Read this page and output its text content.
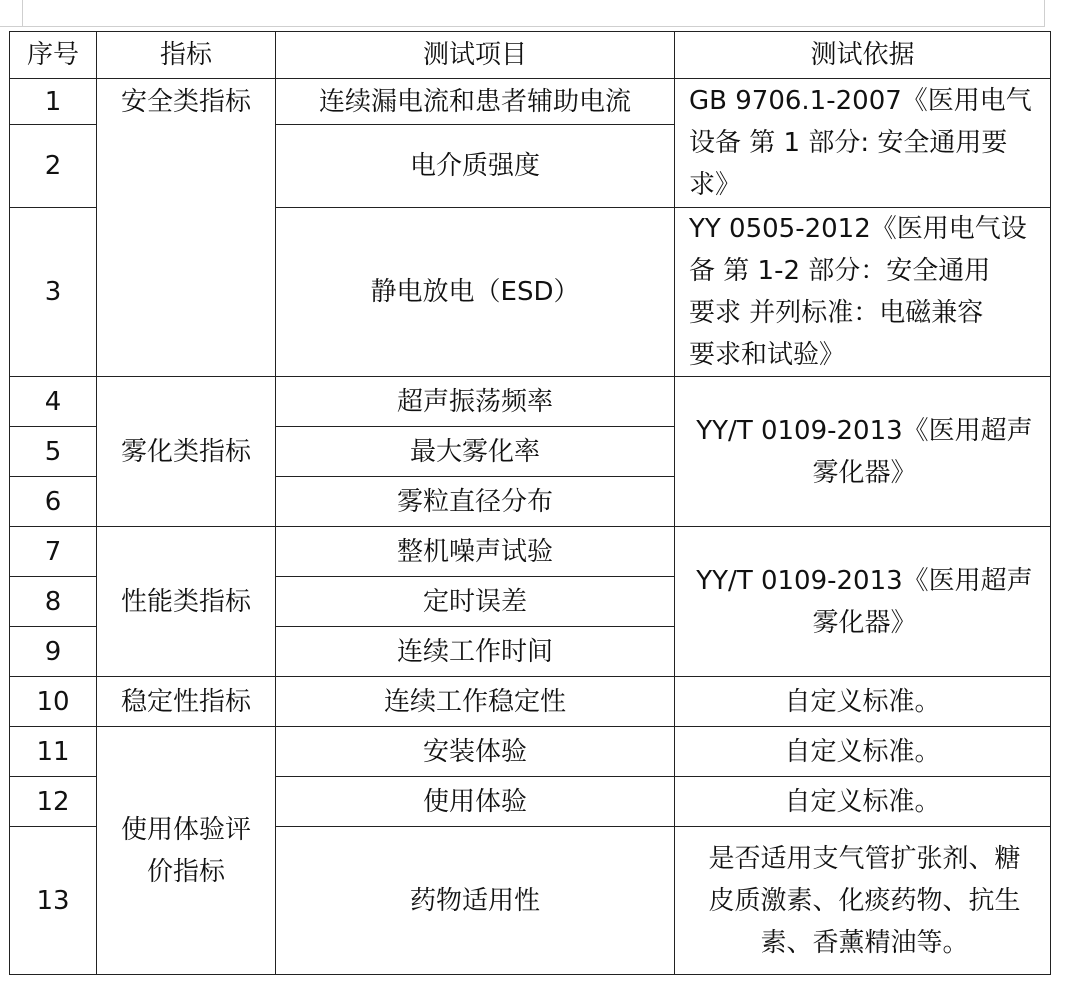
序号	指标	测试项目	测试依据
1	安全类指标	连续漏电流和患者辅助电流	GB 9706.1-2007《医用电气
设备 第 1 部分: 安全通用要
求》

2		电介质强度	
3		静电放电（ESD）	YY 0505-2012《医用电气设
备 第 1-2 部分：安全通用
要求 并列标准：电磁兼容
要求和试验》

4	雾化类指标	超声振荡频率	YY/T 0109-2013《医用超声
雾化器》

5		最大雾化率	
6		雾粒直径分布	
7	性能类指标	整机噪声试验	YY/T 0109-2013《医用超声
雾化器》

8		定时误差	
9		连续工作时间	
10	稳定性指标	连续工作稳定性	自定义标准。
11	使用体验评
价指标	安装体验	自定义标准。
12		使用体验	自定义标准。
13		药物适用性	是否适用支气管扩张剂、糖
皮质激素、化痰药物、抗生
素、香薰精油等。
